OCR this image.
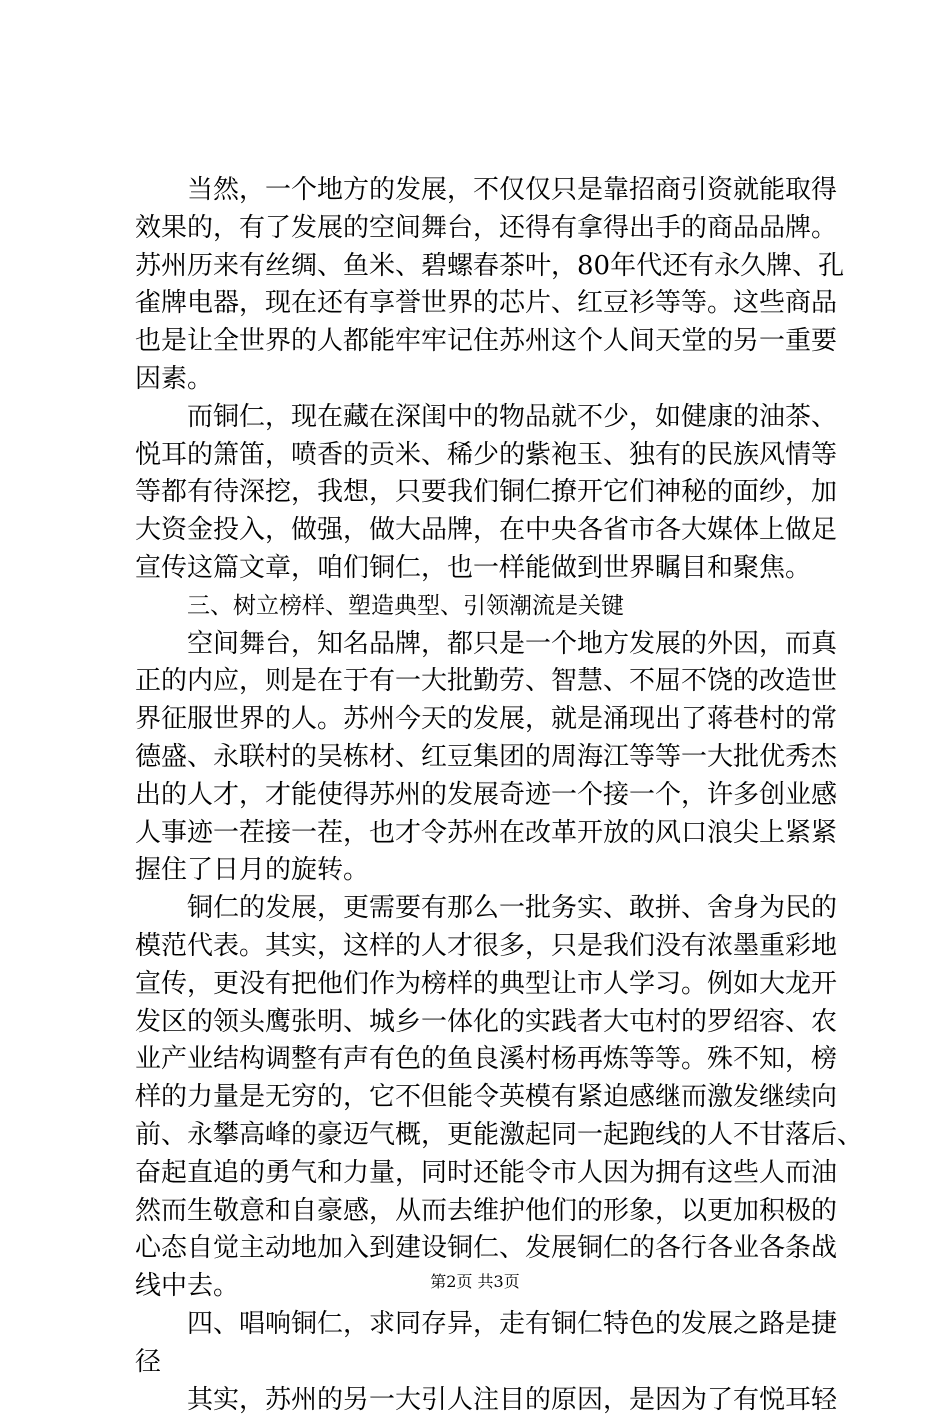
当然，一个地方的发展，不仅仅只是靠招商引资就能取得
效果的，有了发展的空间舞台，还得有拿得出手的商品品牌。
苏州历来有丝绸、鱼米、碧螺春茶叶，80年代还有永久牌、孔
雀牌电器，现在还有享誉世界的芯片、红豆衫等等。这些商品
也是让全世界的人都能牢牢记住苏州这个人间天堂的另一重要
因素。
而铜仁，现在藏在深闺中的物品就不少，如健康的油茶、
悦耳的箫笛，喷香的贡米、稀少的紫袍玉、独有的民族风情等
等都有待深挖，我想，只要我们铜仁撩开它们神秘的面纱，加
大资金投入，做强，做大品牌，在中央各省市各大媒体上做足
宣传这篇文章，咱们铜仁，也一样能做到世界瞩目和聚焦。
三、树立榜样、塑造典型、引领潮流是关键
空间舞台，知名品牌，都只是一个地方发展的外因，而真
正的内应，则是在于有一大批勤劳、智慧、不屈不饶的改造世
界征服世界的人。苏州今天的发展，就是涌现出了蒋巷村的常
德盛、永联村的吴栋材、红豆集团的周海江等等一大批优秀杰
出的人才，才能使得苏州的发展奇迹一个接一个，许多创业感
人事迹一茬接一茬，也才令苏州在改革开放的风口浪尖上紧紧
握住了日月的旋转。
铜仁的发展，更需要有那么一批务实、敢拼、舍身为民的
模范代表。其实，这样的人才很多，只是我们没有浓墨重彩地
宣传，更没有把他们作为榜样的典型让市人学习。例如大龙开
发区的领头鹰张明、城乡一体化的实践者大屯村的罗绍容、农
业产业结构调整有声有色的鱼良溪村杨再炼等等。殊不知，榜
样的力量是无穷的，它不但能令英模有紧迫感继而激发继续向
前、永攀高峰的豪迈气概，更能激起同一起跑线的人不甘落后、
奋起直追的勇气和力量，同时还能令市人因为拥有这些人而油
然而生敬意和自豪感，从而去维护他们的形象，以更加积极的
心态自觉主动地加入到建设铜仁、发展铜仁的各行各业各条战
线中去。
四、唱响铜仁，求同存异，走有铜仁特色的发展之路是捷
径
其实，苏州的另一大引人注目的原因，是因为了有悦耳轻
第2页 共3页
